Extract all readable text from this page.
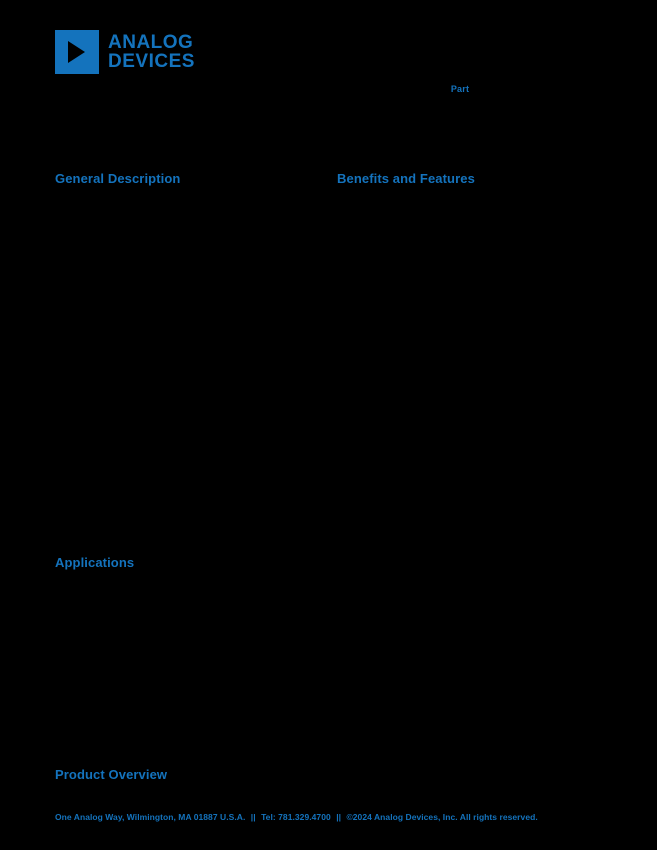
ANALOG
DEVICES
Part
General Description	Benefits and Features
Applications
Product Overview
One Analog Way, Wilmington, MA 01887 U.S.A. || Tel: 781.329.4700 || ©2024 Analog Devices, Inc. All rights reserved.
